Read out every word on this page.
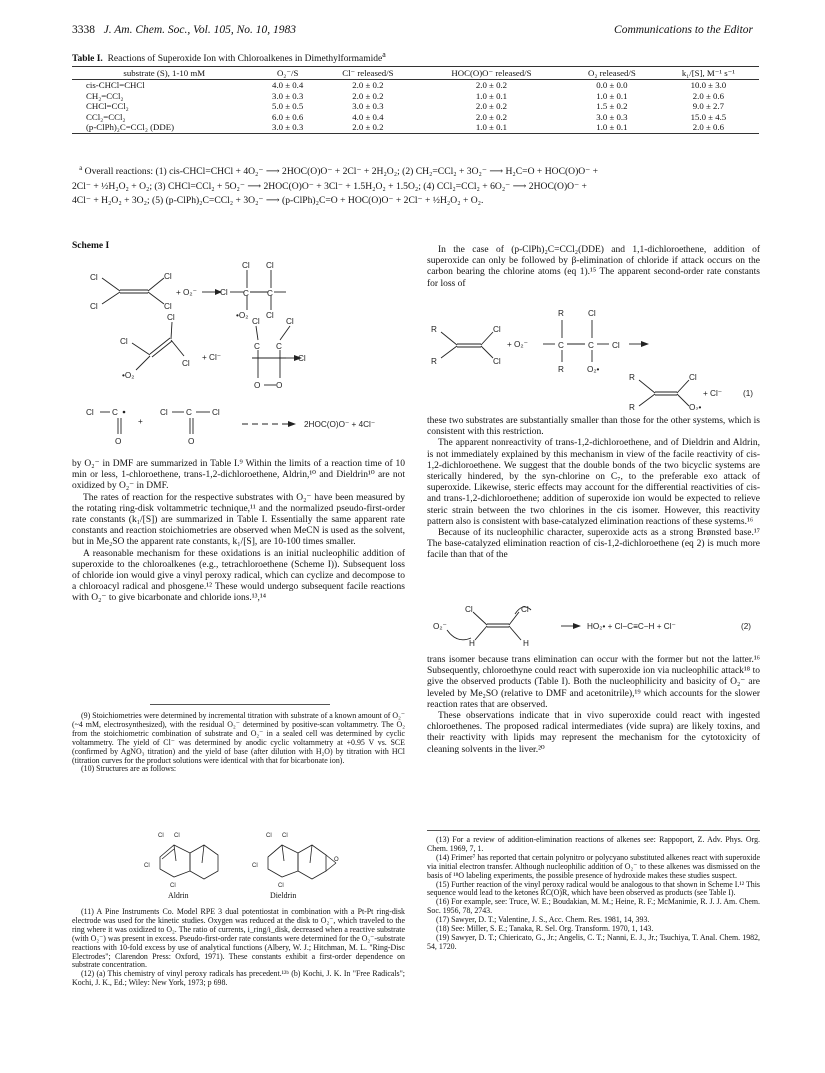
3338 J. Am. Chem. Soc., Vol. 105, No. 10, 1983	Communications to the Editor
Table I. Reactions of Superoxide Ion with Chloroalkenes in Dimethylformamide$^a$
substrate (S), 1-10 mM	O₂⁻/S	Cl⁻ released/S	HOC(O)O⁻ released/S	O₂ released/S	k₁/[S], M⁻¹ s⁻¹
cis-CHCl=CHCl	4.0 ± 0.4	2.0 ± 0.2	2.0 ± 0.2	0.0 ± 0.0	10.0 ± 3.0
CH₂=CCl₂	3.0 ± 0.3	2.0 ± 0.2	1.0 ± 0.1	1.0 ± 0.1	2.0 ± 0.6
CHCl=CCl₂	5.0 ± 0.5	3.0 ± 0.3	2.0 ± 0.2	1.5 ± 0.2	9.0 ± 2.7
CCl₂=CCl₂	6.0 ± 0.6	4.0 ± 0.4	2.0 ± 0.2	3.0 ± 0.3	15.0 ± 4.5
(p-ClPh)₂C=CCl₂ (DDE)	3.0 ± 0.3	2.0 ± 0.2	1.0 ± 0.1	1.0 ± 0.1	2.0 ± 0.6
$^a$ Overall reactions: (1) cis-CHCl=CHCl + 4O₂⁻ ⟶ 2HOC(O)O⁻ + 2Cl⁻ + 2H₂O₂; (2) CH₂=CCl₂ + 3O₂⁻ ⟶ H₂C=O + HOC(O)O⁻ +
2Cl⁻ + ½H₂O₂ + O₂; (3) CHCl=CCl₂ + 5O₂⁻ ⟶ 2HOC(O)O⁻ + 3Cl⁻ + 1.5H₂O₂ + 1.5O₂; (4) CCl₂=CCl₂ + 6O₂⁻ ⟶ 2HOC(O)O⁻ +
4Cl⁻ + H₂O₂ + 3O₂; (5) (p-ClPh)₂C=CCl₂ + 3O₂⁻ ⟶ (p-ClPh)₂C=O + HOC(O)O⁻ + 2Cl⁻ + ½H₂O₂ + O₂.
Scheme I
Cl
Cl
Cl
Cl
+ O₂⁻	Cl
Cl Cl
C C
•O₂ Cl
Cl
Cl
•O₂
Cl
+ Cl⁻
Cl	Cl
C C
Cl
O O
Cl C
O
+
Cl C Cl
O
2HOC(O)O⁻ + 4Cl⁻

by O₂⁻ in DMF are summarized in Table I.⁹ Within the limits of a reaction time of 10 min or less, 1-chloroethene, trans-1,2-dichloroethene, Aldrin,¹⁰ and Dieldrin¹⁰ are not oxidized by O₂⁻ in DMF.

The rates of reaction for the respective substrates with O₂⁻ have been measured by the rotating ring-disk voltammetric technique,¹¹ and the normalized pseudo-first-order rate constants (k₁/[S]) are summarized in Table I. Essentially the same apparent rate constants and reaction stoichiometries are observed when MeCN is used as the solvent, but in Me₂SO the apparent rate constants, k₁/[S], are 10-100 times smaller.

A reasonable mechanism for these oxidations is an initial nucleophilic addition of superoxide to the chloroalkenes (e.g., tetrachloroethene (Scheme I)). Subsequent loss of chloride ion would give a vinyl peroxy radical, which can cyclize and decompose to a chloroacyl radical and phosgene.¹² These would undergo subsequent facile reactions with O₂⁻ to give bicarbonate and chloride ions.¹³,¹⁴

(9) Stoichiometries were determined by incremental titration with substrate of a known amount of O₂⁻ (~4 mM, electrosynthesized), with the residual O₂⁻ determined by positive-scan voltammetry. The O₂ from the stoichiometric combination of substrate and O₂⁻ in a sealed cell was determined by cyclic voltammetry. The yield of Cl⁻ was determined by anodic cyclic voltammetry at +0.95 V vs. SCE (confirmed by AgNO₃ titration) and the yield of base (after dilution with H₂O) by titration with HCl (titration curves for the product solutions were identical with that for bicarbonate ion).

(10) Structures are as follows:

Cl Cl
Cl
Cl
Cl Cl
Cl
Cl
O
Aldrin	Dieldrin

(11) A Pine Instruments Co. Model RPE 3 dual potentiostat in combination with a Pt-Pt ring-disk electrode was used for the kinetic studies. Oxygen was reduced at the disk to O₂⁻, which traveled to the ring where it was oxidized to O₂. The ratio of currents, i_ring/i_disk, decreased when a reactive substrate (with O₂⁻) was present in excess. Pseudo-first-order rate constants were determined for the O₂⁻-substrate reactions with 10-fold excess by use of analytical functions (Albery, W. J.; Hitchman, M. L. "Ring-Disc Electrodes"; Clarendon Press: Oxford, 1971). These constants exhibit a first-order dependence on substrate concentration.

(12) (a) This chemistry of vinyl peroxy radicals has precedent.¹²ᵇ (b) Kochi, J. K. In "Free Radicals"; Kochi, J. K., Ed.; Wiley: New York, 1973; p 698.

In the case of (p-ClPh)₂C=CCl₂(DDE) and 1,1-dichloroethene, addition of superoxide can only be followed by β-elimination of chloride if attack occurs on the carbon bearing the chlorine atoms (eq 1).¹⁵ The apparent second-order rate constants for loss of

R	Cl
R	Cl
+ O₂⁻
R	Cl
C	C Cl
R	O₂•
R	Cl
R	O₂•
+ Cl⁻	(1)

these two substrates are substantially smaller than those for the other systems, which is consistent with this restriction.

The apparent nonreactivity of trans-1,2-dichloroethene, and of Dieldrin and Aldrin, is not immediately explained by this mechanism in view of the facile reactivity of cis-1,2-dichloroethene. We suggest that the double bonds of the two bicyclic systems are sterically hindered, by the syn-chlorine on C₇, to the preferable exo attack of superoxide. Likewise, steric effects may account for the differential reactivities of cis- and trans-1,2-dichloroethene; addition of superoxide ion would be expected to relieve steric strain between the two chlorines in the cis isomer. However, this reactivity pattern also is consistent with base-catalyzed elimination reactions of these systems.¹⁶

Because of its nucleophilic character, superoxide acts as a strong Brønsted base.¹⁷ The base-catalyzed elimination reaction of cis-1,2-dichloroethene (eq 2) is much more facile than that of the

O₂⁻
Cl
H
Cl
H
HO₂• + Cl−C≡C−H + Cl⁻	(2)

trans isomer because trans elimination can occur with the former but not the latter.¹⁶ Subsequently, chloroethyne could react with superoxide ion via nucleophilic attack¹⁸ to give the observed products (Table I). Both the nucleophilicity and basicity of O₂⁻ are leveled by Me₂SO (relative to DMF and acetonitrile),¹⁹ which accounts for the slower reaction rates that are observed.

These observations indicate that in vivo superoxide could react with ingested chloroethenes. The proposed radical intermediates (vide supra) are likely toxins, and their reactivity with lipids may represent the mechanism for the cytotoxicity of cleaning solvents in the liver.²⁰

(13) For a review of addition-elimination reactions of alkenes see: Rappoport, Z. Adv. Phys. Org. Chem. 1969, 7, 1.

(14) Frimer⁷ has reported that certain polynitro or polycyano substituted alkenes react with superoxide via initial electron transfer. Although nucleophilic addition of O₂⁻ to these alkenes was dismissed on the basis of ¹⁸O labeling experiments, the possible presence of hydroxide makes these studies suspect.

(15) Further reaction of the vinyl peroxy radical would be analogous to that shown in Scheme I.¹² This sequence would lead to the ketones RC(O)R, which have been observed as products (see Table I).

(16) For example, see: Truce, W. E.; Boudakian, M. M.; Heine, R. F.; McManimie, R. J. J. Am. Chem. Soc. 1956, 78, 2743.

(17) Sawyer, D. T.; Valentine, J. S., Acc. Chem. Res. 1981, 14, 393.

(18) See: Miller, S. E.; Tanaka, R. Sel. Org. Transform. 1970, 1, 143.

(19) Sawyer, D. T.; Chiericato, G., Jr.; Angelis, C. T.; Nanni, E. J., Jr.; Tsuchiya, T. Anal. Chem. 1982, 54, 1720.
